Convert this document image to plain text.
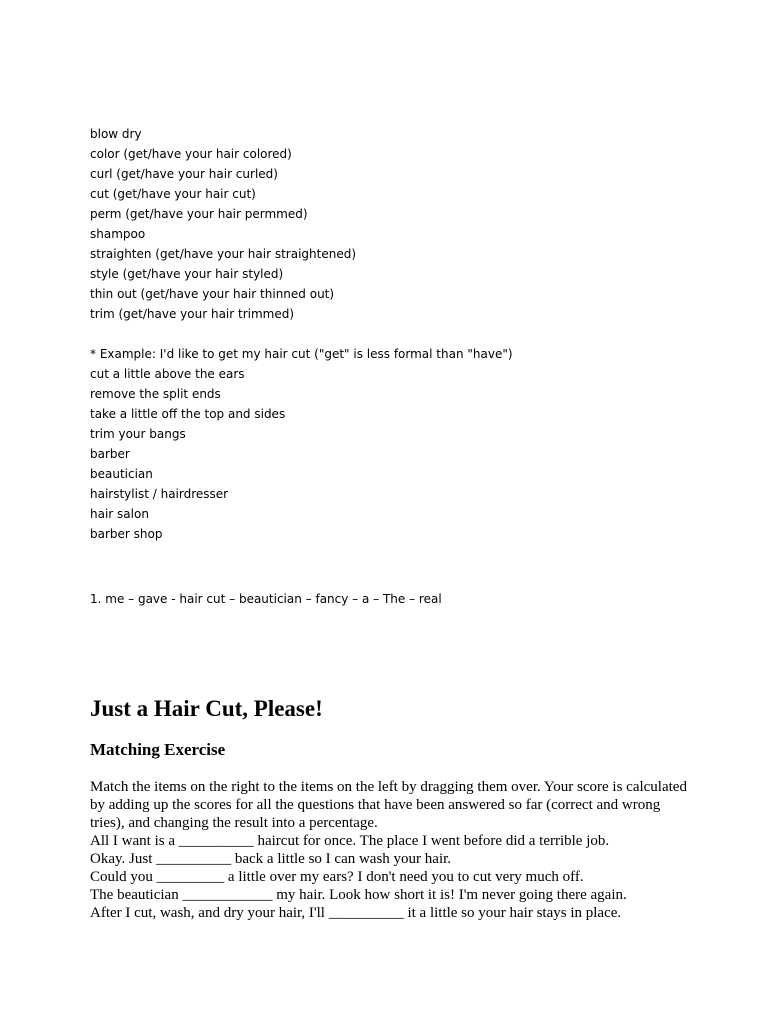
blow dry
color (get/have your hair colored)
curl (get/have your hair curled)
cut (get/have your hair cut)
perm (get/have your hair permmed)
shampoo
straighten (get/have your hair straightened)
style (get/have your hair styled)
thin out (get/have your hair thinned out)
trim (get/have your hair trimmed)
* Example: I'd like to get my hair cut ("get" is less formal than "have")
cut a little above the ears
remove the split ends
take a little off the top and sides
trim your bangs
barber
beautician
hairstylist / hairdresser
hair salon
barber shop
1. me – gave - hair cut – beautician – fancy – a – The – real
Just a Hair Cut, Please!
Matching Exercise
Match the items on the right to the items on the left by dragging them over. Your score is calculated by adding up the scores for all the questions that have been answered so far (correct and wrong tries), and changing the result into a percentage.
All I want is a __________ haircut for once. The place I went before did a terrible job.
Okay. Just __________ back a little so I can wash your hair.
Could you _________ a little over my ears? I don't need you to cut very much off.
The beautician ____________ my hair. Look how short it is! I'm never going there again.
After I cut, wash, and dry your hair, I'll __________ it a little so your hair stays in place.
